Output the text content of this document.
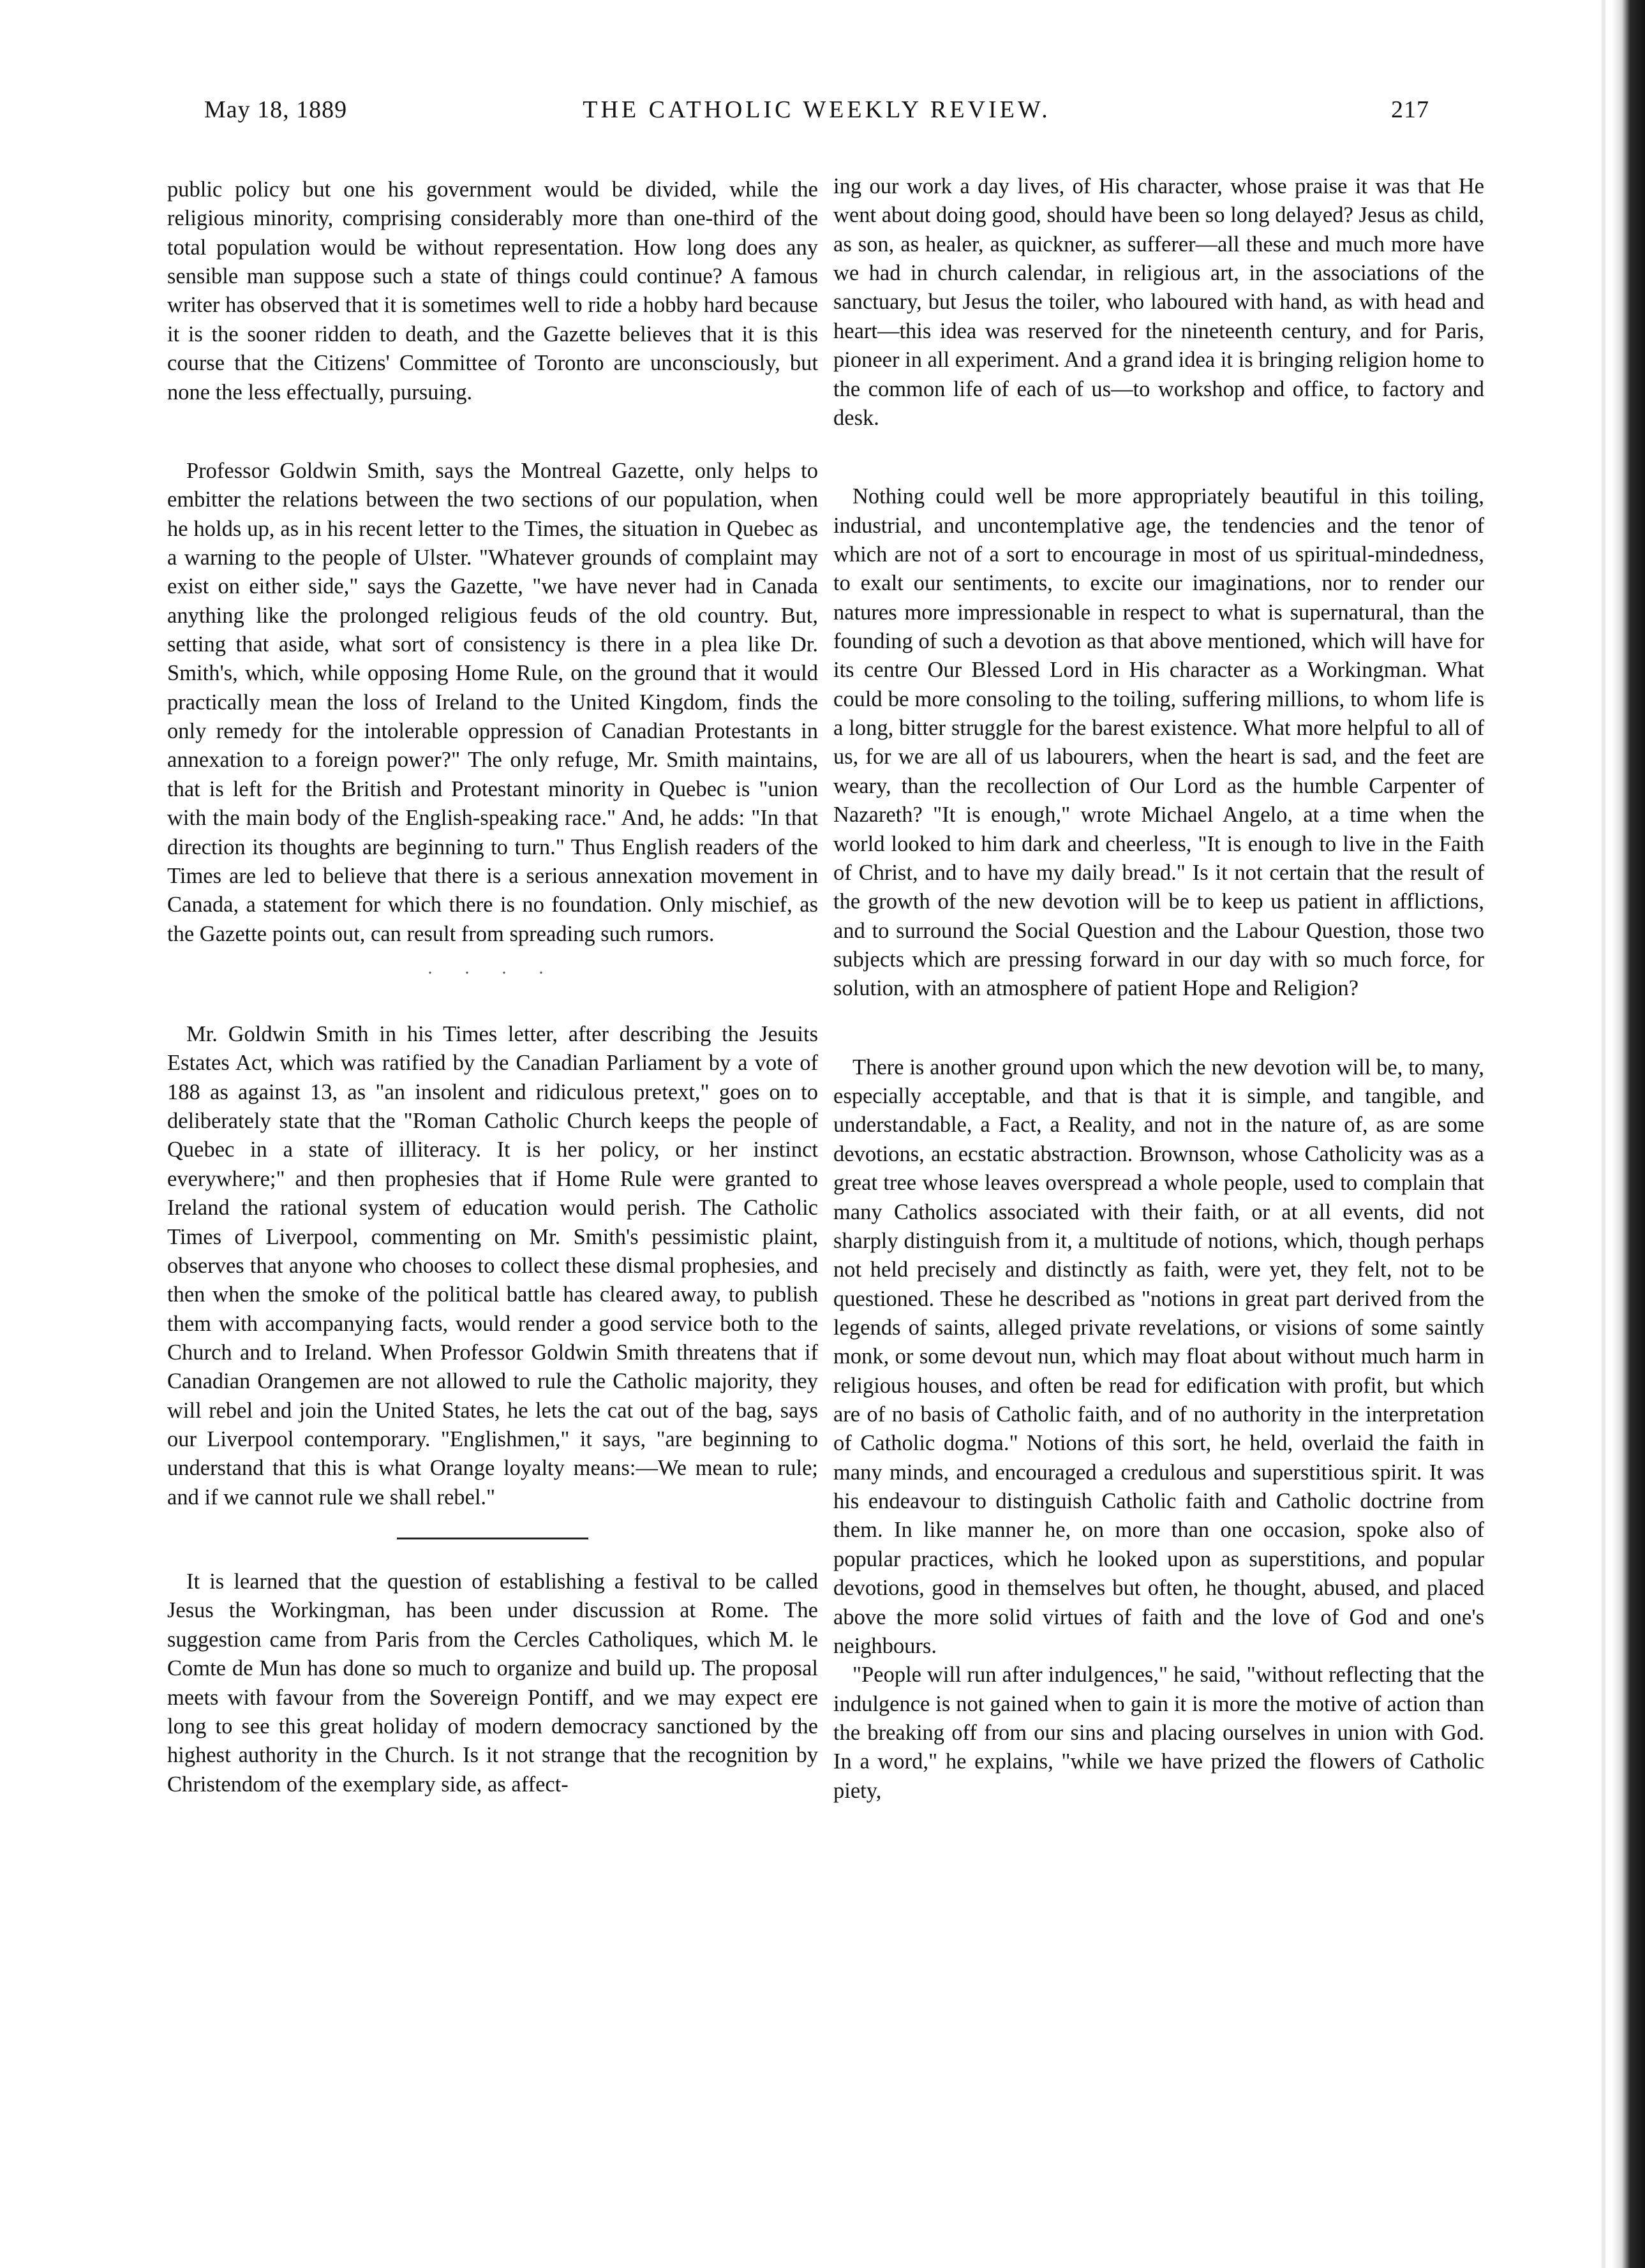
May 18, 1889	THE CATHOLIC WEEKLY REVIEW.	217

public policy but one his government would be divided, while the religious minority, comprising considerably more than one-third of the total population would be without representation. How long does any sensible man suppose such a state of things could continue? A famous writer has observed that it is sometimes well to ride a hobby hard because it is the sooner ridden to death, and the Gazette believes that it is this course that the Citizens' Committee of Toronto are unconsciously, but none the less effectually, pursuing.

Professor Goldwin Smith, says the Montreal Gazette, only helps to embitter the relations between the two sections of our population, when he holds up, as in his recent letter to the Times, the situation in Quebec as a warning to the people of Ulster. "Whatever grounds of complaint may exist on either side," says the Gazette, "we have never had in Canada anything like the prolonged religious feuds of the old country. But, setting that aside, what sort of consistency is there in a plea like Dr. Smith's, which, while opposing Home Rule, on the ground that it would practically mean the loss of Ireland to the United Kingdom, finds the only remedy for the intolerable oppression of Canadian Protestants in annexation to a foreign power?" The only refuge, Mr. Smith maintains, that is left for the British and Protestant minority in Quebec is "union with the main body of the English-speaking race." And, he adds: "In that direction its thoughts are beginning to turn." Thus English readers of the Times are led to believe that there is a serious annexation movement in Canada, a statement for which there is no foundation. Only mischief, as the Gazette points out, can result from spreading such rumors.

. . . .

Mr. Goldwin Smith in his Times letter, after describing the Jesuits Estates Act, which was ratified by the Canadian Parliament by a vote of 188 as against 13, as "an insolent and ridiculous pretext," goes on to deliberately state that the "Roman Catholic Church keeps the people of Quebec in a state of illiteracy. It is her policy, or her instinct everywhere;" and then prophesies that if Home Rule were granted to Ireland the rational system of education would perish. The Catholic Times of Liverpool, commenting on Mr. Smith's pessimistic plaint, observes that anyone who chooses to collect these dismal prophesies, and then when the smoke of the political battle has cleared away, to publish them with accompanying facts, would render a good service both to the Church and to Ireland. When Professor Goldwin Smith threatens that if Canadian Orangemen are not allowed to rule the Catholic majority, they will rebel and join the United States, he lets the cat out of the bag, says our Liverpool contemporary. "Englishmen," it says, "are beginning to understand that this is what Orange loyalty means:—We mean to rule; and if we cannot rule we shall rebel."

It is learned that the question of establishing a festival to be called Jesus the Workingman, has been under discussion at Rome. The suggestion came from Paris from the Cercles Catholiques, which M. le Comte de Mun has done so much to organize and build up. The proposal meets with favour from the Sovereign Pontiff, and we may expect ere long to see this great holiday of modern democracy sanctioned by the highest authority in the Church. Is it not strange that the recognition by Christendom of the exemplary side, as affect-

ing our work a day lives, of His character, whose praise it was that He went about doing good, should have been so long delayed? Jesus as child, as son, as healer, as quickner, as sufferer—all these and much more have we had in church calendar, in religious art, in the associations of the sanctuary, but Jesus the toiler, who laboured with hand, as with head and heart—this idea was reserved for the nineteenth century, and for Paris, pioneer in all experiment. And a grand idea it is bringing religion home to the common life of each of us—to workshop and office, to factory and desk.

Nothing could well be more appropriately beautiful in this toiling, industrial, and uncontemplative age, the tendencies and the tenor of which are not of a sort to encourage in most of us spiritual-mindedness, to exalt our sentiments, to excite our imaginations, nor to render our natures more impressionable in respect to what is supernatural, than the founding of such a devotion as that above mentioned, which will have for its centre Our Blessed Lord in His character as a Workingman. What could be more consoling to the toiling, suffering millions, to whom life is a long, bitter struggle for the barest existence. What more helpful to all of us, for we are all of us labourers, when the heart is sad, and the feet are weary, than the recollection of Our Lord as the humble Carpenter of Nazareth? "It is enough," wrote Michael Angelo, at a time when the world looked to him dark and cheerless, "It is enough to live in the Faith of Christ, and to have my daily bread." Is it not certain that the result of the growth of the new devotion will be to keep us patient in afflictions, and to surround the Social Question and the Labour Question, those two subjects which are pressing forward in our day with so much force, for solution, with an atmosphere of patient Hope and Religion?

There is another ground upon which the new devotion will be, to many, especially acceptable, and that is that it is simple, and tangible, and understandable, a Fact, a Reality, and not in the nature of, as are some devotions, an ecstatic abstraction. Brownson, whose Catholicity was as a great tree whose leaves overspread a whole people, used to complain that many Catholics associated with their faith, or at all events, did not sharply distinguish from it, a multitude of notions, which, though perhaps not held precisely and distinctly as faith, were yet, they felt, not to be questioned. These he described as "notions in great part derived from the legends of saints, alleged private revelations, or visions of some saintly monk, or some devout nun, which may float about without much harm in religious houses, and often be read for edification with profit, but which are of no basis of Catholic faith, and of no authority in the interpretation of Catholic dogma." Notions of this sort, he held, overlaid the faith in many minds, and encouraged a credulous and superstitious spirit. It was his endeavour to distinguish Catholic faith and Catholic doctrine from them. In like manner he, on more than one occasion, spoke also of popular practices, which he looked upon as superstitions, and popular devotions, good in themselves but often, he thought, abused, and placed above the more solid virtues of faith and the love of God and one's neighbours.

"People will run after indulgences," he said, "without reflecting that the indulgence is not gained when to gain it is more the motive of action than the breaking off from our sins and placing ourselves in union with God. In a word," he explains, "while we have prized the flowers of Catholic piety,
